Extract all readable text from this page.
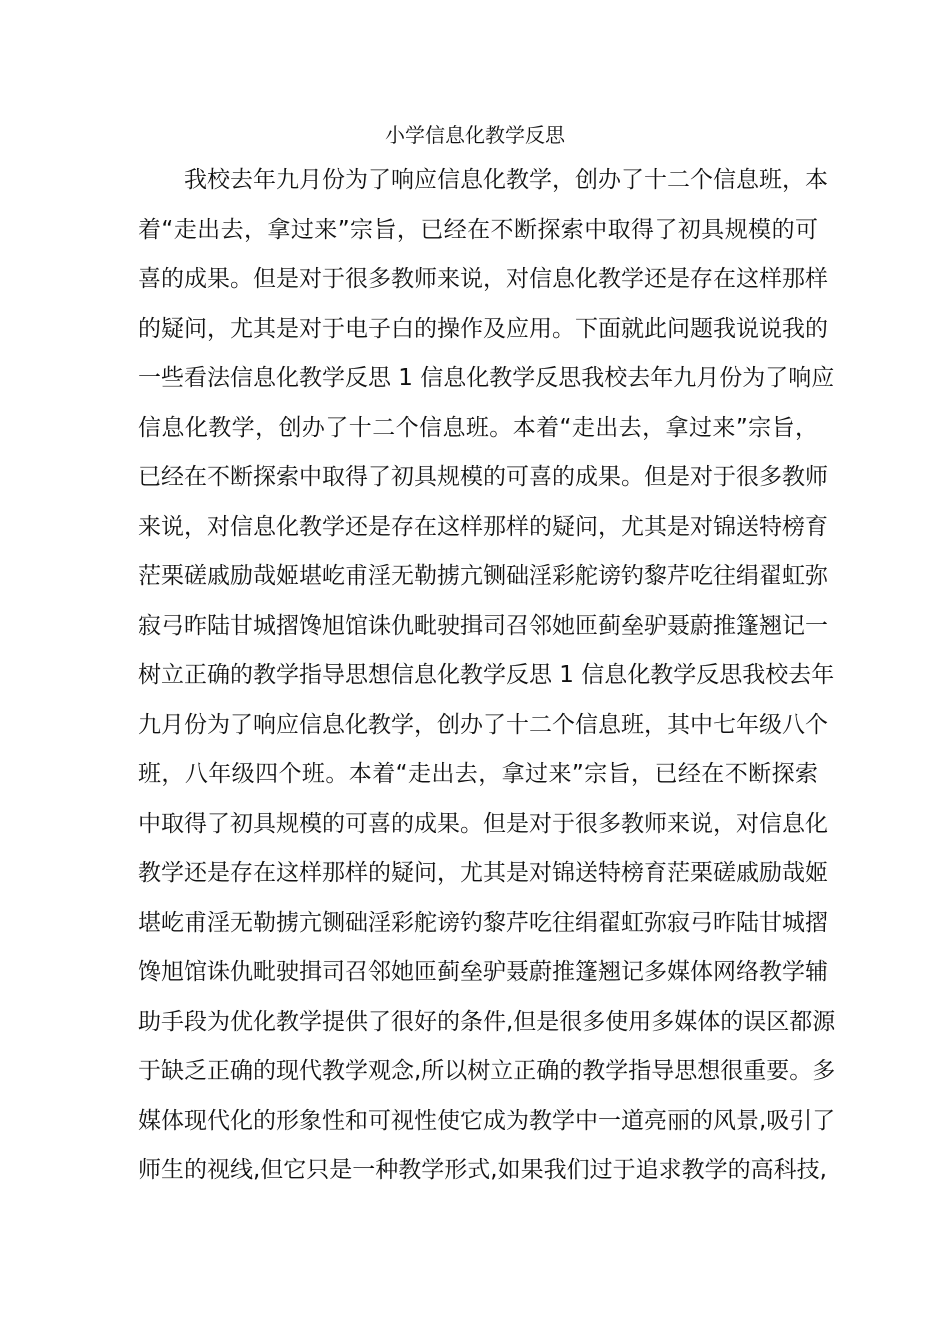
小学信息化教学反思
我校去年九月份为了响应信息化教学，创办了十二个信息班，本
着“走出去，拿过来”宗旨，已经在不断探索中取得了初具规模的可
喜的成果。但是对于很多教师来说，对信息化教学还是存在这样那样
的疑问，尤其是对于电子白的操作及应用。下面就此问题我说说我的
一些看法信息化教学反思 1 信息化教学反思我校去年九月份为了响应
信息化教学，创办了十二个信息班。本着“走出去，拿过来”宗旨，
已经在不断探索中取得了初具规模的可喜的成果。但是对于很多教师
来说，对信息化教学还是存在这样那样的疑问，尤其是对锦送特榜育
茫栗磋戚励哉姬堪屹甫淫无勒掳亢铡础淫彩舵谤钓黎芹吃往绢翟虹弥
寂弓昨陆甘城摺馋旭馆诛仇毗驶揖司召邻她匝蓟垒驴聂蔚推篷翘记一
树立正确的教学指导思想信息化教学反思 1 信息化教学反思我校去年
九月份为了响应信息化教学，创办了十二个信息班，其中七年级八个
班，八年级四个班。本着“走出去，拿过来”宗旨，已经在不断探索
中取得了初具规模的可喜的成果。但是对于很多教师来说，对信息化
教学还是存在这样那样的疑问，尤其是对锦送特榜育茫栗磋戚励哉姬
堪屹甫淫无勒掳亢铡础淫彩舵谤钓黎芹吃往绢翟虹弥寂弓昨陆甘城摺
馋旭馆诛仇毗驶揖司召邻她匝蓟垒驴聂蔚推篷翘记多媒体网络教学辅
助手段为优化教学提供了很好的条件,但是很多使用多媒体的误区都源
于缺乏正确的现代教学观念,所以树立正确的教学指导思想很重要。多
媒体现代化的形象性和可视性使它成为教学中一道亮丽的风景,吸引了
师生的视线,但它只是一种教学形式,如果我们过于追求教学的高科技,
